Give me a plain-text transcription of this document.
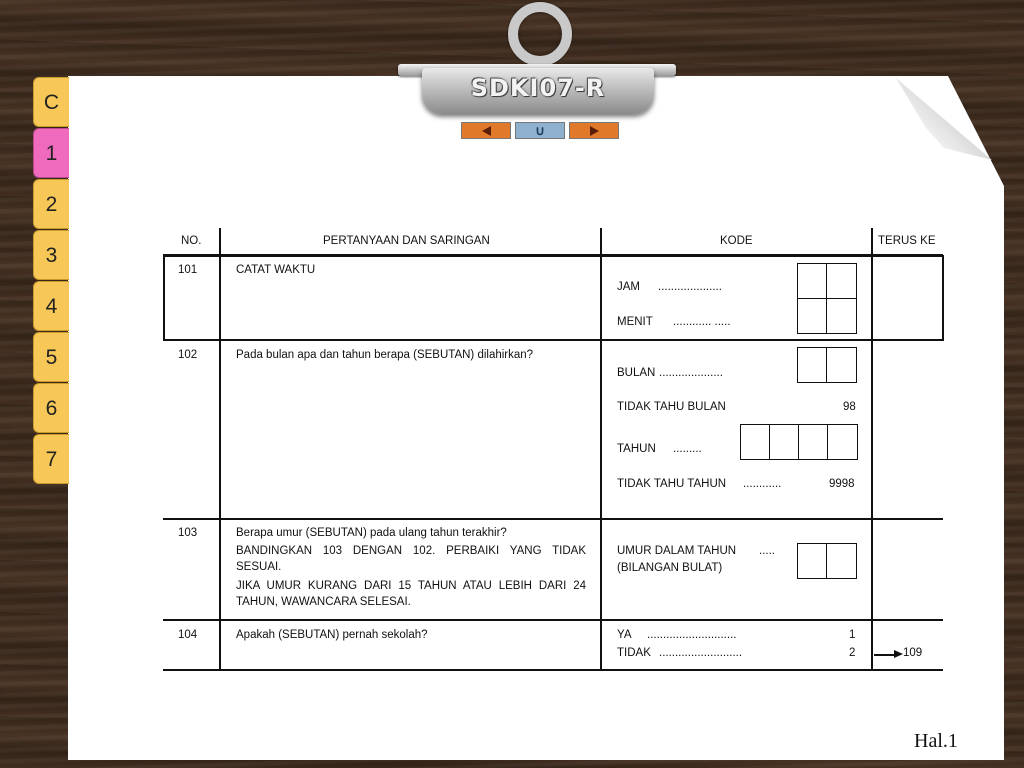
C
1
2
3
4
5
6
7
SDKI07-R
∪
NO.	PERTANYAAN DAN SARINGAN	KODE	TERUS KE
101	CATAT WAKTU
JAM ....................
MENIT ............ .....
102	Pada bulan apa dan tahun berapa (SEBUTAN) dilahirkan?
BULAN ....................
TIDAK TAHU BULAN	98
TAHUN .........
TIDAK TAHU TAHUN ............	9998
103	Berapa umur (SEBUTAN) pada ulang tahun terakhir?
BANDINGKAN 103 DENGAN 102. PERBAIKI YANG TIDAK SESUAI.
JIKA UMUR KURANG DARI 15 TAHUN ATAU LEBIH DARI 24 TAHUN, WAWANCARA SELESAI.
UMUR DALAM TAHUN .....
(BILANGAN BULAT)
104	Apakah (SEBUTAN) pernah sekolah?	YA ............................	1
TIDAK ..........................	2	109
Hal.1
